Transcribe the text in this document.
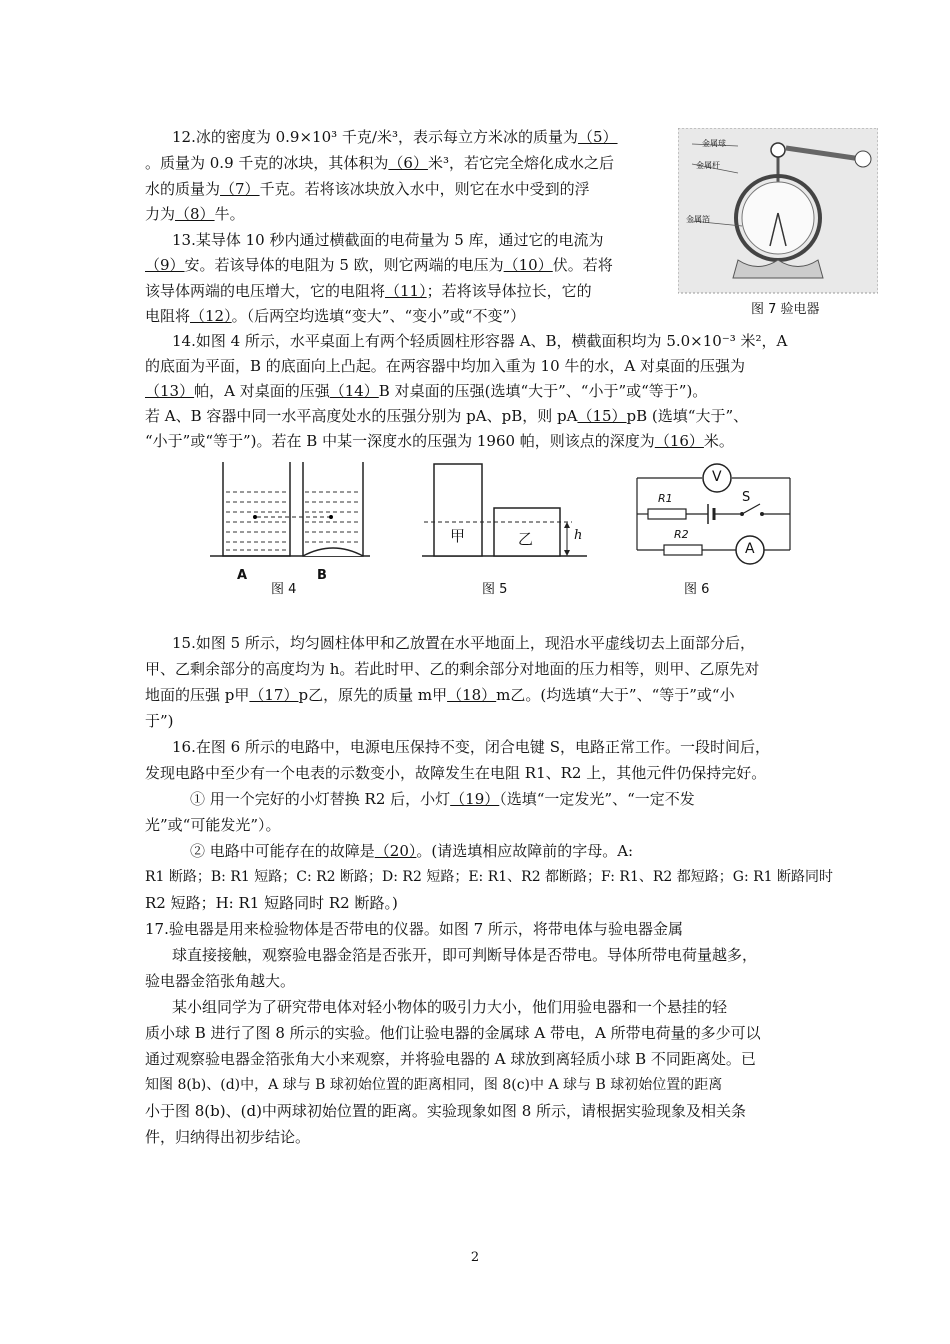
12.冰的密度为 0.9×10³ 千克/米³，表示每立方米冰的质量为（5）
。质量为 0.9 千克的冰块，其体积为（6）米³，若它完全熔化成水之后
水的质量为（7）千克。若将该冰块放入水中，则它在水中受到的浮
力为（8）牛。
13.某导体 10 秒内通过横截面的电荷量为 5 库，通过它的电流为
（9）安。若该导体的电阻为 5 欧，则它两端的电压为（10）伏。若将
该导体两端的电压增大，它的电阻将（11）；若将该导体拉长，它的
电阻将（12）。（后两空均选填“变大”、“变小”或“不变”）
金属球
金属杆
金属箔
图 7 验电器
14.如图 4 所示，水平桌面上有两个轻质圆柱形容器 A、B，横截面积均为 5.0×10⁻³ 米²，A
的底面为平面，B 的底面向上凸起。在两容器中均加入重为 10 牛的水，A 对桌面的压强为
（13）帕，A 对桌面的压强（14）B 对桌面的压强(选填“大于”、“小于”或“等于”)。
若 A、B 容器中同一水平高度处水的压强分别为 pA、pB，则 pA（15）pB (选填“大于”、
“小于”或“等于”)。若在 B 中某一深度水的压强为 1960 帕，则该点的深度为（16）米。
A	B
图 4
甲	乙	h
图 5
V
A
S
R1
R2
图 6
15.如图 5 所示，均匀圆柱体甲和乙放置在水平地面上，现沿水平虚线切去上面部分后，
甲、乙剩余部分的高度均为 h。若此时甲、乙的剩余部分对地面的压力相等，则甲、乙原先对
地面的压强 p甲（17）p乙，原先的质量 m甲（18）m乙。(均选填“大于”、“等于”或“小
于”)
16.在图 6 所示的电路中，电源电压保持不变，闭合电键 S，电路正常工作。一段时间后，
发现电路中至少有一个电表的示数变小，故障发生在电阻 R1、R2 上，其他元件仍保持完好。
① 用一个完好的小灯替换 R2 后，小灯（19）（选填“一定发光”、“一定不发
光”或“可能发光”）。
② 电路中可能存在的故障是（20）。(请选填相应故障前的字母。A:
R1 断路；B: R1 短路；C: R2 断路；D: R2 短路；E: R1、R2 都断路；F: R1、R2 都短路；G: R1 断路同时
R2 短路；H: R1 短路同时 R2 断路。)
17.验电器是用来检验物体是否带电的仪器。如图 7 所示，将带电体与验电器金属
球直接接触，观察验电器金箔是否张开，即可判断导体是否带电。导体所带电荷量越多，
验电器金箔张角越大。
某小组同学为了研究带电体对轻小物体的吸引力大小，他们用验电器和一个悬挂的轻
质小球 B 进行了图 8 所示的实验。他们让验电器的金属球 A 带电，A 所带电荷量的多少可以
通过观察验电器金箔张角大小来观察，并将验电器的 A 球放到离轻质小球 B 不同距离处。已
知图 8(b)、(d)中，A 球与 B 球初始位置的距离相同，图 8(c)中 A 球与 B 球初始位置的距离
小于图 8(b)、(d)中两球初始位置的距离。实验现象如图 8 所示，请根据实验现象及相关条
件，归纳得出初步结论。
2
